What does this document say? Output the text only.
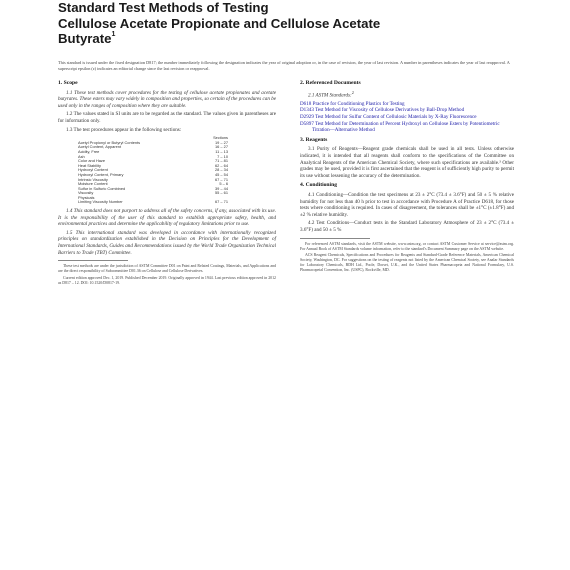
Standard Test Methods of Testing
Cellulose Acetate Propionate and Cellulose Acetate
Butyrate$^1$
This standard is issued under the fixed designation D817; the number immediately following the designation indicates the year of original adoption or, in the case of revision, the year of last revision. A number in parentheses indicates the year of last reapproval. A superscript epsilon (ε) indicates an editorial change since the last revision or reapproval.
1. Scope
1.1 These test methods cover procedures for the testing of cellulose acetate propionates and acetate butyrates. These esters may vary widely in composition and properties, so certain of the procedures can be used only in the ranges of composition where they are suitable.
1.2 The values stated in SI units are to be regarded as the standard. The values given in parentheses are for information only.
1.3 The test procedures appear in the following sections:
	Sections
Acetyl Propionyl or Butyryl Contents	19 – 27
Acetyl Content, Apparent	16 – 27
Acidity, Free	11 – 13
Ash	7 – 10
Color and Haze	71 – 81
Heat Stability	62 – 64
Hydroxyl Content	28 – 34
Hydroxyl Content, Primary	45 – 54
Intrinsic Viscosity	67 – 71
Moisture Content	5 – 6
Sulfur in Sulfuric Combined	39 – 44
Viscosity	55 – 61
Physicals	
Limiting Viscosity Number	67 – 71
1.4 This standard does not purport to address all of the safety concerns, if any, associated with its use. It is the responsibility of the user of this standard to establish appropriate safety, health, and environmental practices and determine the applicability of regulatory limitations prior to use.
1.5 This international standard was developed in accordance with internationally recognized principles on standardization established in the Decision on Principles for the Development of International Standards, Guides and Recommendations issued by the World Trade Organization Technical Barriers to Trade (TBT) Committee.
These test methods are under the jurisdiction of ASTM Committee D01 on Paint and Related Coatings, Materials, and Applications and are the direct responsibility of Subcommittee D01.36 on Cellulose and Cellulose Derivatives.
Current edition approved Dec. 1, 2019. Published December 2019. Originally approved in 1944. Last previous edition approved in 2012 as D817 – 12. DOI: 10.1520/D0817-19.
2. Referenced Documents
2.1 ASTM Standards:$^2$
D618 Practice for Conditioning Plastics for Testing
D1343 Test Method for Viscosity of Cellulose Derivatives by Ball-Drop Method
D2929 Test Method for Sulfur Content of Cellulosic Materials by X-Ray Fluorescence
D5897 Test Method for Determination of Percent Hydroxyl on Cellulose Esters by Potentiometric Titration—Alternative Method
3. Reagents
3.1 Purity of Reagents—Reagent grade chemicals shall be used in all tests. Unless otherwise indicated, it is intended that all reagents shall conform to the specifications of the Committee on Analytical Reagents of the American Chemical Society, where such specifications are available.³ Other grades may be used, provided it is first ascertained that the reagent is of sufficiently high purity to permit its use without lessening the accuracy of the determination.
4. Conditioning
4.1 Conditioning—Condition the test specimens at 23 ± 2°C (73.4 ± 3.6°F) and 50 ± 5 % relative humidity for not less than 40 h prior to test in accordance with Procedure A of Practice D618, for those tests where conditioning is required. In cases of disagreement, the tolerances shall be ±1°C (±1.8°F) and ±2 % relative humidity.
4.2 Test Conditions—Conduct tests in the Standard Laboratory Atmosphere of 23 ± 2°C (73.4 ± 3.6°F) and 50 ± 5 %
For referenced ASTM standards, visit the ASTM website, www.astm.org, or contact ASTM Customer Service at service@astm.org. For Annual Book of ASTM Standards volume information, refer to the standard's Document Summary page on the ASTM website.
ACS Reagent Chemicals, Specifications and Procedures for Reagents and Standard-Grade Reference Materials, American Chemical Society, Washington, DC. For suggestions on the testing of reagents not listed by the American Chemical Society, see Analar Standards for Laboratory Chemicals, BDH Ltd., Poole, Dorset, U.K., and the United States Pharmacopeia and National Formulary, U.S. Pharmacopeial Convention, Inc. (USPC), Rockville, MD.
